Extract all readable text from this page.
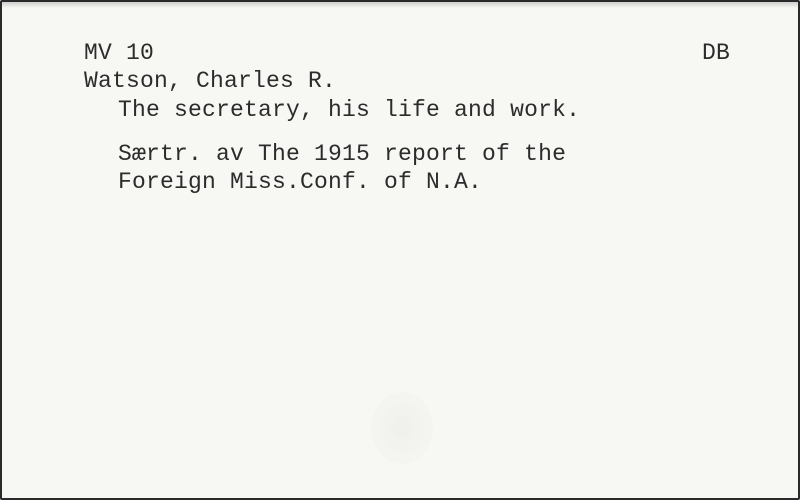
MV 10	DB
Watson, Charles R.
The secretary, his life and work.
Særtr. av The 1915 report of the
Foreign Miss.Conf. of N.A.
